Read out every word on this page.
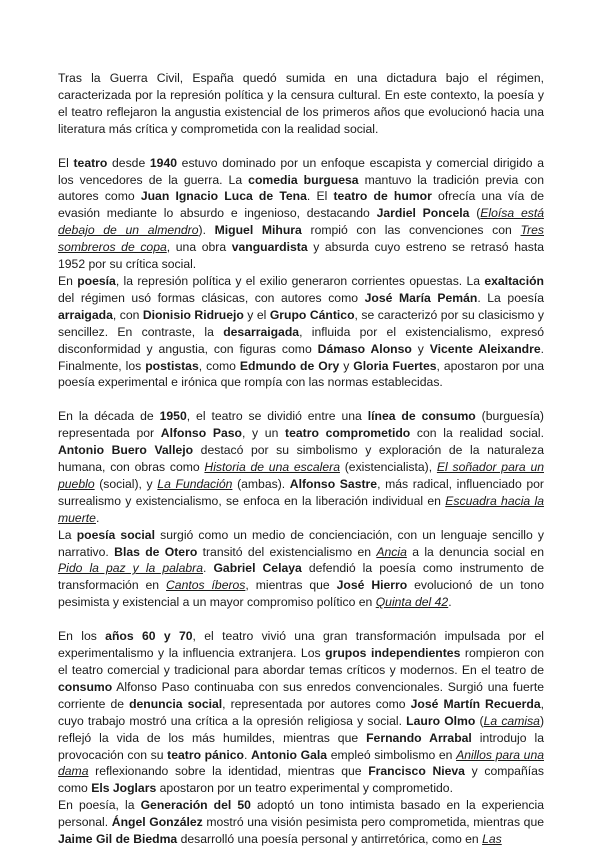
Tras la Guerra Civil, España quedó sumida en una dictadura bajo el régimen, caracterizada por la represión política y la censura cultural. En este contexto, la poesía y el teatro reflejaron la angustia existencial de los primeros años que evolucionó hacia una literatura más crítica y comprometida con la realidad social.

El teatro desde 1940 estuvo dominado por un enfoque escapista y comercial dirigido a los vencedores de la guerra. La comedia burguesa mantuvo la tradición previa con autores como Juan Ignacio Luca de Tena. El teatro de humor ofrecía una vía de evasión mediante lo absurdo e ingenioso, destacando Jardiel Poncela (Eloísa está debajo de un almendro). Miguel Mihura rompió con las convenciones con Tres sombreros de copa, una obra vanguardista y absurda cuyo estreno se retrasó hasta 1952 por su crítica social.

En poesía, la represión política y el exilio generaron corrientes opuestas. La exaltación del régimen usó formas clásicas, con autores como José María Pemán. La poesía arraigada, con Dionisio Ridruejo y el Grupo Cántico, se caracterizó por su clasicismo y sencillez. En contraste, la desarraigada, influida por el existencialismo, expresó disconformidad y angustia, con figuras como Dámaso Alonso y Vicente Aleixandre. Finalmente, los postistas, como Edmundo de Ory y Gloria Fuertes, apostaron por una poesía experimental e irónica que rompía con las normas establecidas.

En la década de 1950, el teatro se dividió entre una línea de consumo (burguesía) representada por Alfonso Paso, y un teatro comprometido con la realidad social. Antonio Buero Vallejo destacó por su simbolismo y exploración de la naturaleza humana, con obras como Historia de una escalera (existencialista), El soñador para un pueblo (social), y La Fundación (ambas). Alfonso Sastre, más radical, influenciado por surrealismo y existencialismo, se enfoca en la liberación individual en Escuadra hacia la muerte.

La poesía social surgió como un medio de concienciación, con un lenguaje sencillo y narrativo. Blas de Otero transitó del existencialismo en Ancia a la denuncia social en Pido la paz y la palabra. Gabriel Celaya defendió la poesía como instrumento de transformación en Cantos íberos, mientras que José Hierro evolucionó de un tono pesimista y existencial a un mayor compromiso político en Quinta del 42.

En los años 60 y 70, el teatro vivió una gran transformación impulsada por el experimentalismo y la influencia extranjera. Los grupos independientes rompieron con el teatro comercial y tradicional para abordar temas críticos y modernos. En el teatro de consumo Alfonso Paso continuaba con sus enredos convencionales. Surgió una fuerte corriente de denuncia social, representada por autores como José Martín Recuerda, cuyo trabajo mostró una crítica a la opresión religiosa y social. Lauro Olmo (La camisa) reflejó la vida de los más humildes, mientras que Fernando Arrabal introdujo la provocación con su teatro pánico. Antonio Gala empleó simbolismo en Anillos para una dama reflexionando sobre la identidad, mientras que Francisco Nieva y compañías como Els Joglars apostaron por un teatro experimental y comprometido.

En poesía, la Generación del 50 adoptó un tono intimista basado en la experiencia personal. Ángel González mostró una visión pesimista pero comprometida, mientras que Jaime Gil de Biedma desarrolló una poesía personal y antirretórica, como en Las
